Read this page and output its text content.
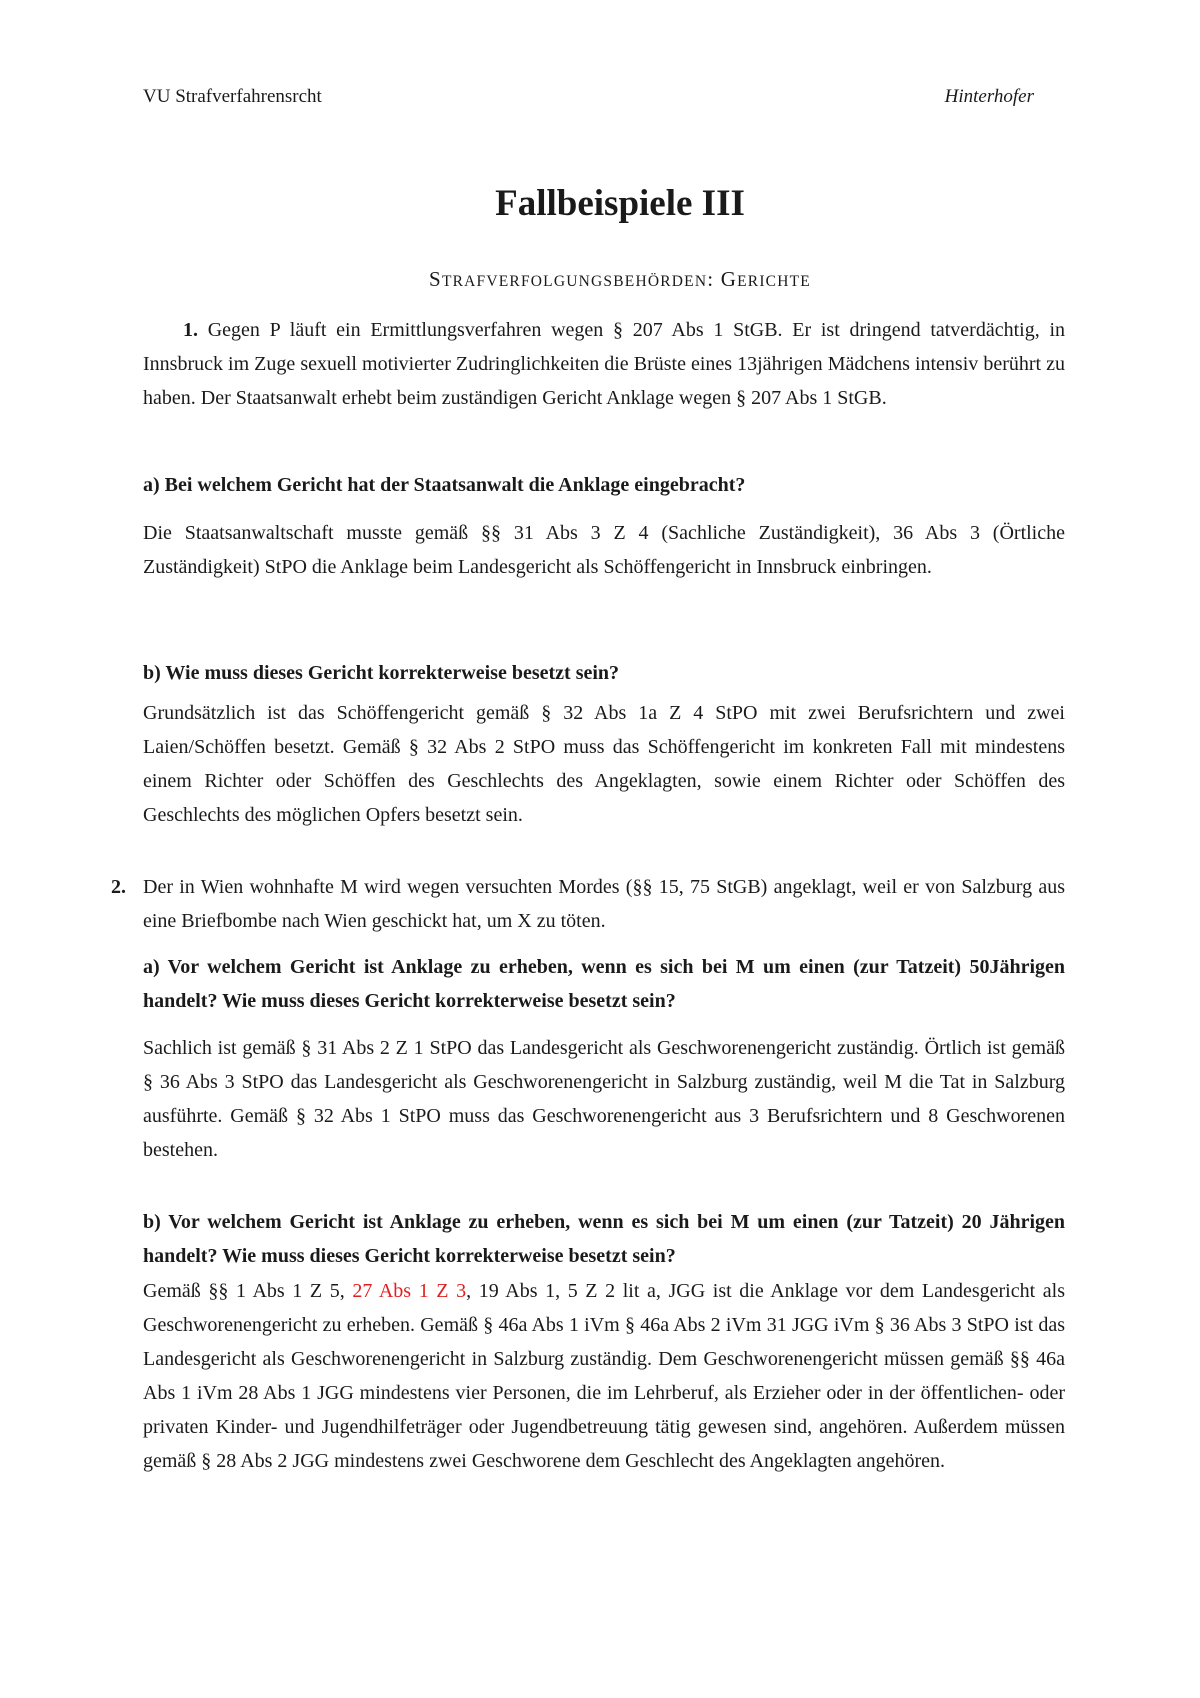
VU Strafverfahrensrcht	Hinterhofer
Fallbeispiele III
STRAFVERFOLGUNGSBEHÖRDEN: GERICHTE
1. Gegen P läuft ein Ermittlungsverfahren wegen § 207 Abs 1 StGB. Er ist dringend tatverdächtig, in Innsbruck im Zuge sexuell motivierter Zudringlichkeiten die Brüste eines 13jährigen Mädchens intensiv berührt zu haben. Der Staatsanwalt erhebt beim zuständigen Gericht Anklage wegen § 207 Abs 1 StGB.
a) Bei welchem Gericht hat der Staatsanwalt die Anklage eingebracht?
Die Staatsanwaltschaft musste gemäß §§ 31 Abs 3 Z 4 (Sachliche Zuständigkeit), 36 Abs 3 (Örtliche Zuständigkeit) StPO die Anklage beim Landesgericht als Schöffengericht in Innsbruck einbringen.
b) Wie muss dieses Gericht korrekterweise besetzt sein?
Grundsätzlich ist das Schöffengericht gemäß § 32 Abs 1a Z 4 StPO mit zwei Berufsrichtern und zwei Laien/Schöffen besetzt. Gemäß § 32 Abs 2 StPO muss das Schöffengericht im konkreten Fall mit mindestens einem Richter oder Schöffen des Geschlechts des Angeklagten, sowie einem Richter oder Schöffen des Geschlechts des möglichen Opfers besetzt sein.
2. Der in Wien wohnhafte M wird wegen versuchten Mordes (§§ 15, 75 StGB) angeklagt, weil er von Salzburg aus eine Briefbombe nach Wien geschickt hat, um X zu töten.
a) Vor welchem Gericht ist Anklage zu erheben, wenn es sich bei M um einen (zur Tatzeit) 50Jährigen handelt? Wie muss dieses Gericht korrekterweise besetzt sein?
Sachlich ist gemäß § 31 Abs 2 Z 1 StPO das Landesgericht als Geschworenengericht zuständig. Örtlich ist gemäß § 36 Abs 3 StPO das Landesgericht als Geschworenengericht in Salzburg zuständig, weil M die Tat in Salzburg ausführte. Gemäß § 32 Abs 1 StPO muss das Geschworenengericht aus 3 Berufsrichtern und 8 Geschworenen bestehen.
b) Vor welchem Gericht ist Anklage zu erheben, wenn es sich bei M um einen (zur Tatzeit) 20 Jährigen handelt? Wie muss dieses Gericht korrekterweise besetzt sein?
Gemäß §§ 1 Abs 1 Z 5, 27 Abs 1 Z 3, 19 Abs 1, 5 Z 2 lit a, JGG ist die Anklage vor dem Landesgericht als Geschworenengericht zu erheben. Gemäß § 46a Abs 1 iVm § 46a Abs 2 iVm 31 JGG iVm § 36 Abs 3 StPO ist das Landesgericht als Geschworenengericht in Salzburg zuständig. Dem Geschworenengericht müssen gemäß §§ 46a Abs 1 iVm 28 Abs 1 JGG mindestens vier Personen, die im Lehrberuf, als Erzieher oder in der öffentlichen- oder privaten Kinder- und Jugendhilfeträger oder Jugendbetreuung tätig gewesen sind, angehören. Außerdem müssen gemäß § 28 Abs 2 JGG mindestens zwei Geschworene dem Geschlecht des Angeklagten angehören.
